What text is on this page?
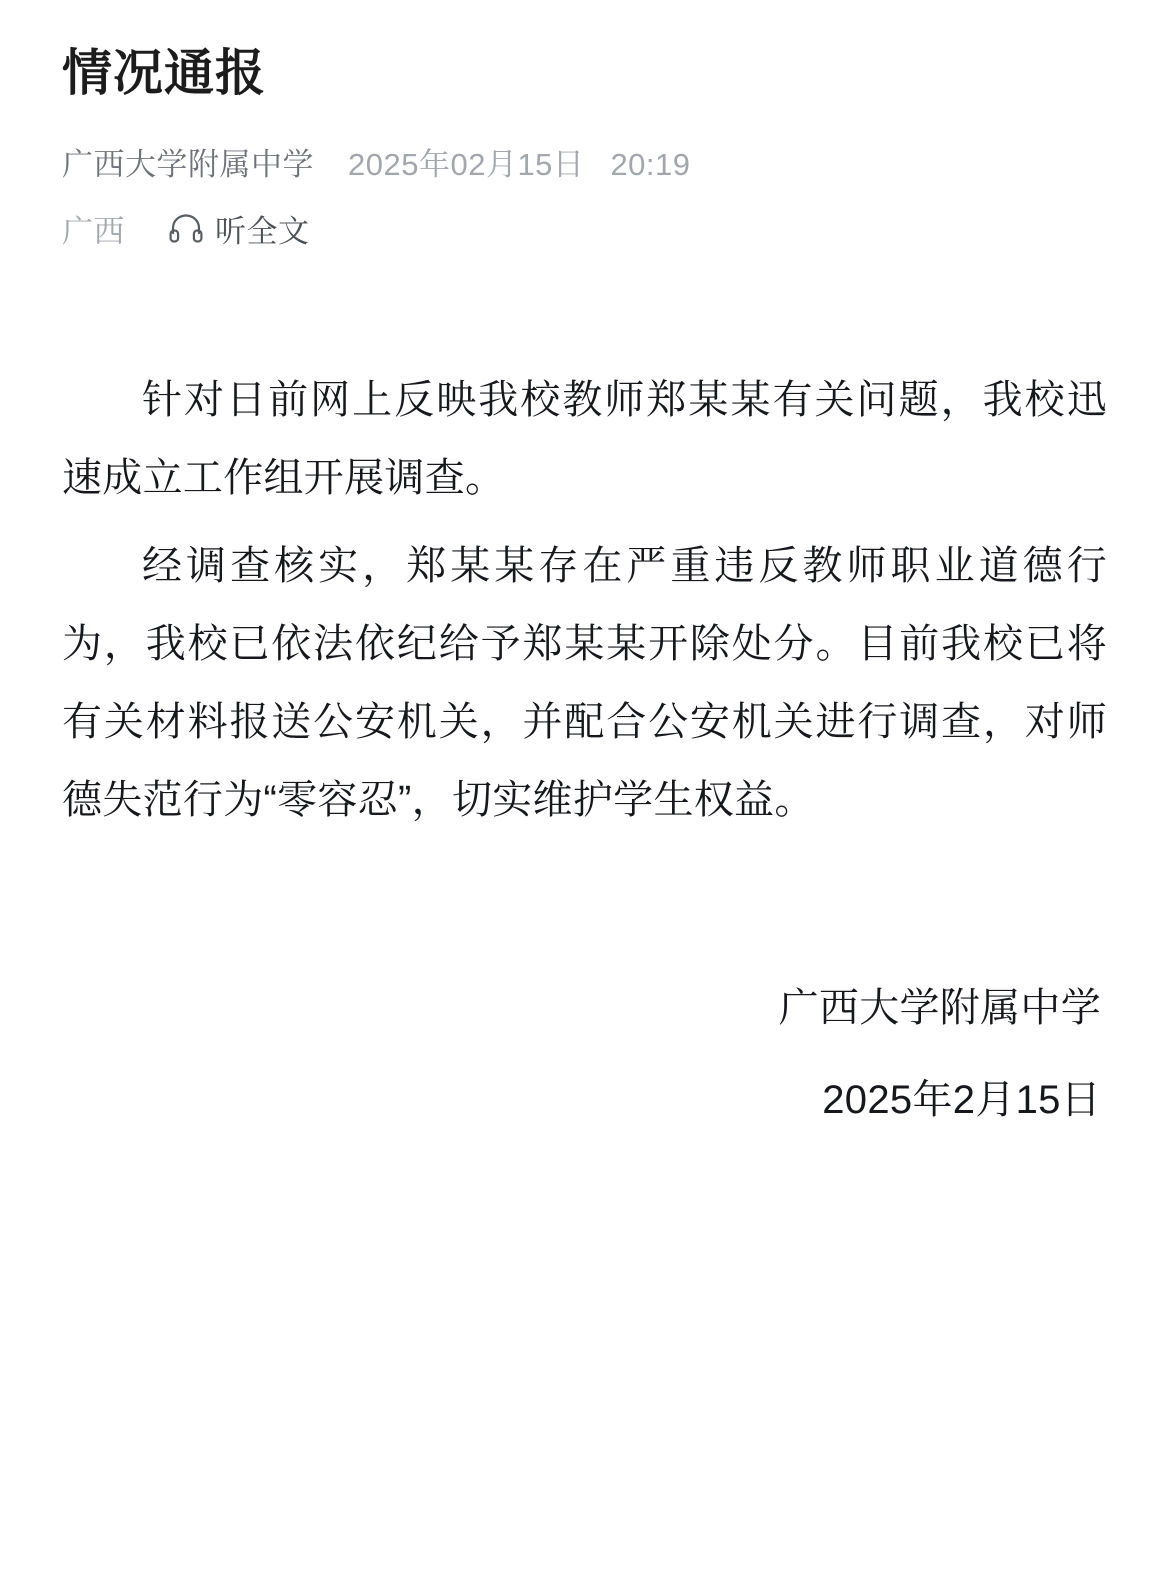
情况通报
广西大学附属中学 2025年02月15日 20:19
广西	听全文

针对日前网上反映我校教师郑某某有关问题，我校迅速成立工作组开展调查。

经调查核实，郑某某存在严重违反教师职业道德行为，我校已依法依纪给予郑某某开除处分。目前我校已将有关材料报送公安机关，并配合公安机关进行调查，对师德失范行为“零容忍”，切实维护学生权益。

广西大学附属中学
2025年2月15日
